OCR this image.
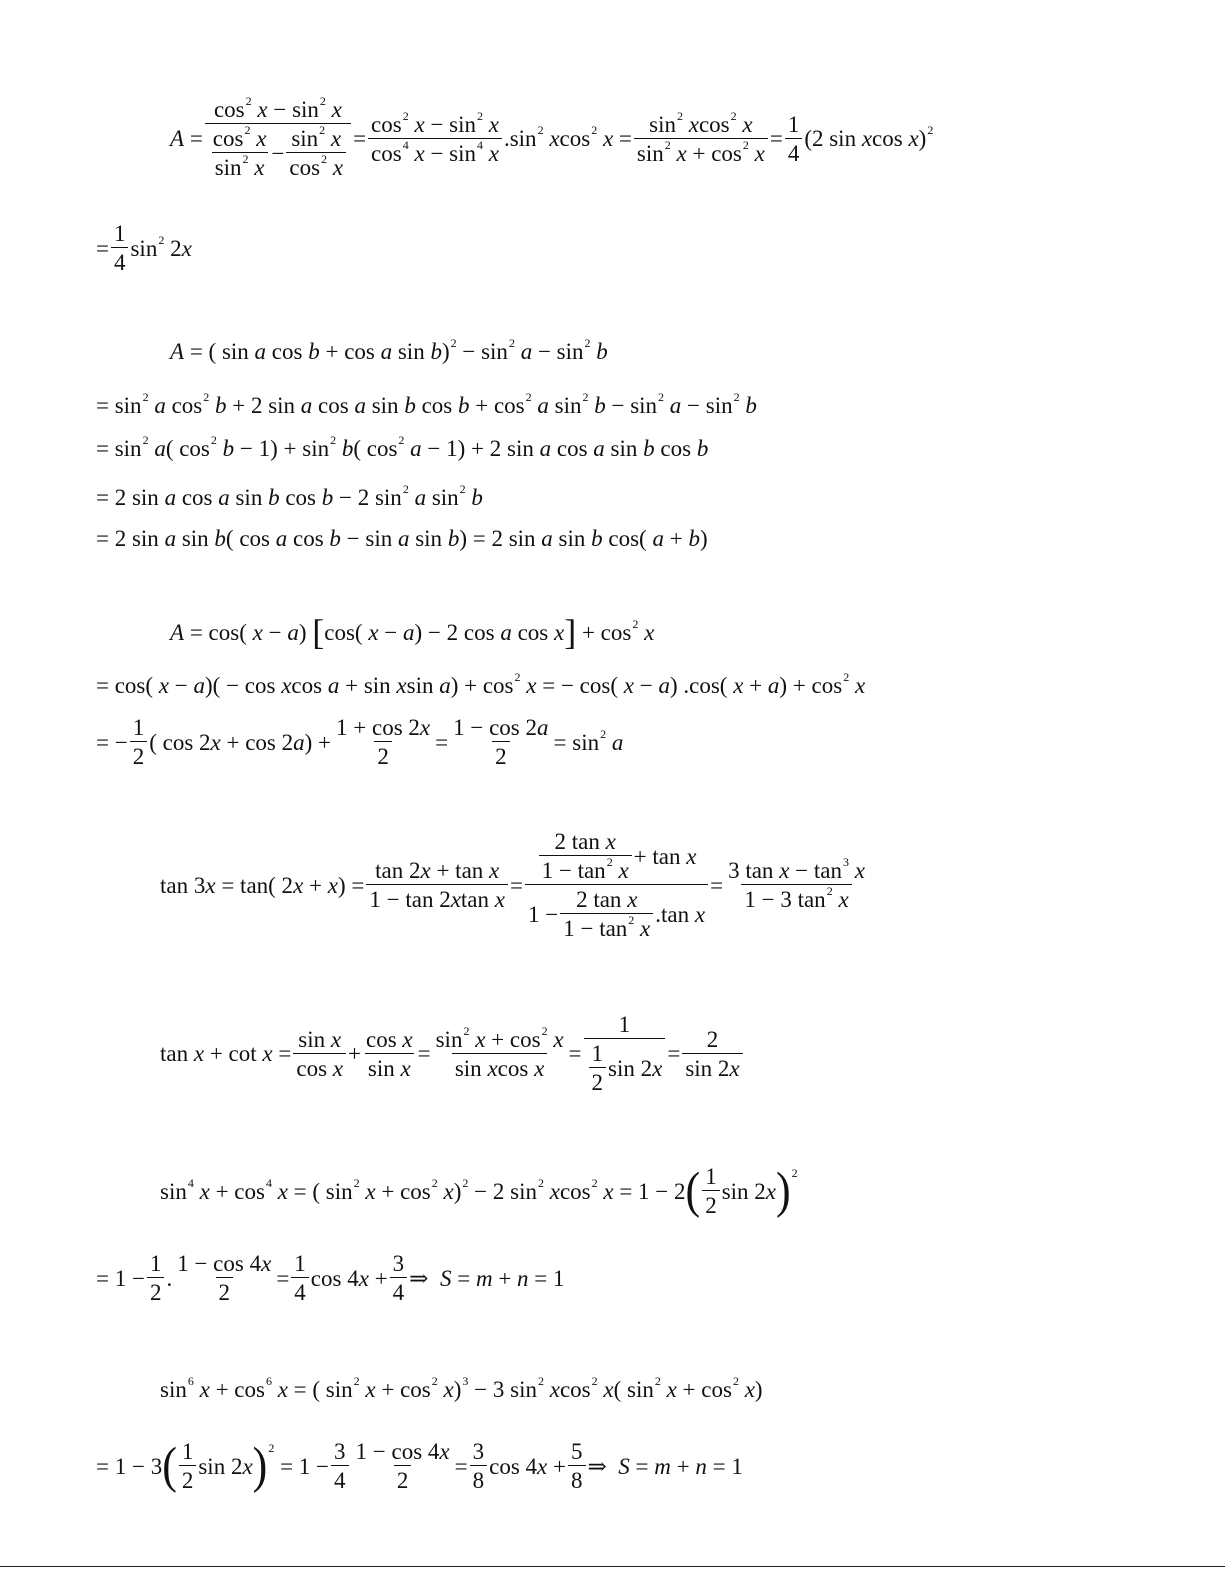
$A = \frac{\cos^2 x - \sin^2 x}{\frac{\cos^2 x}{\sin^2 x} - \frac{\sin^2 x}{\cos^2 x}} = \frac{\cos^2 x - \sin^2 x}{\cos^4 x - \sin^4 x} .\sin^2$ xcos$^2$ $x = \frac{\sin^2 xcos^2 x}{\sin^2 x + \cos^2 x} = \frac{1}{4} (2$ sin xcos x)$^2$
= $\frac{1}{4} \sin^2 2x$
A = ( sin a cos b + cos a $\sin b)^2 - \sin^2 a - \sin^2 b$
= $\sin^2 a$ $\cos^2 b + 2$ sin a cos a sin b $\cos b + \cos^2 a$ $\sin^2 b - \sin^2 a - \sin^2 b$
= $\sin^2 a$( $\cos^2 b - 1) + \sin^2 b$( $\cos^2 a - 1) + 2$ sin a cos a sin b cos b
= 2 sin a cos a sin b cos b − 2 $\sin^2 a$ $\sin^2 b$
= 2 sin a sin b( cos a cos b − sin a sin b) = 2 sin a sin b cos( a + b)
A = cos( x − a) [ cos( x − a) − 2 cos a cos x ] + $\cos^2 x$
= cos( x − a)( − cos xcos a + sin xsin $a) + \cos^2 x$ = − cos( x − a) .cos( $x + a) + \cos^2 x$
= − $\frac{1}{2}$ ( $\cos 2x + \cos 2a) + \frac{1 + \cos 2x}{2} = \frac{1 - \cos 2a}{2} = \sin^2 a$
tan 3x = tan( $2x + x) = \frac{\text{tan 2x + tan x}}{\text{1 − tan 2xtan x}} = \frac{\frac{\text{2 tan x}}{1 - \tan^2 x} + \tan x}{1 - \frac{\text{2 tan x}}{1 - \tan^2 x} .\tan x} = \frac{3 \tan x - \tan^3 x}{1 - 3 \tan^2 x}$
$\tan x + \cot x = \frac{\text{sin x}}{\text{cos x}} + \frac{\text{cos x}}{\text{sin x}} = \frac{\sin^2 x + \cos^2 x}{\text{sin xcos x}} = \frac{1}{\frac{1}{2} \sin 2x} = \frac{2}{\sin 2x}$
$\sin^4 x + \cos^4 x$ = ( $\sin^2 x + \cos^2 x)^2 - 2$ $\sin^2 xcos^2$ x = 1 − 2 ( $\frac{1}{2}$ sin 2x )$^2$
= $1 - \frac{1}{2}$ . $\frac{1 - \cos 4x}{2} = \frac{1}{4}$ $\cos 4x + \frac{3}{4}$ ⇒  S = m + n = 1
$\sin^6 x + \cos^6 x$ = ( $\sin^2 x + \cos^2 x)^3 - 3$ $\sin^2 xcos^2$ x( $\sin^2 x + \cos^2 x$)
= 1 − 3 ( $\frac{1}{2}$ sin 2x )$^2$
= $1 - \frac{3}{4} \frac{1 - \cos 4x}{2} = \frac{3}{8}$ $\cos 4x + \frac{5}{8}$ ⇒  S = m + n = 1
